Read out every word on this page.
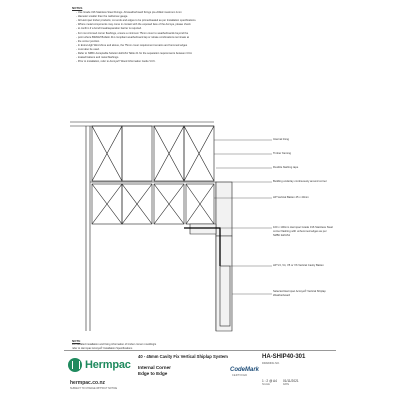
NOTES
- Use Grade 316 Stainless Steel Fixings. All weatherboard fixings pre-drilled maximum 1mm
- diameter smaller than the nail/screw gauge.
- All Hermpac timber products; cut ends and edges to be primed/sealed as per Installation specifications.
- Where metal components may come in contact with the exposed face of the Accoya, please check
- to confirm if a bond break/separation barrier is required.
- For non-trimmed corner flashings, ensure a minimum 75mm cover to weatherboards beyond the
- point where BRANZ Bulletin 411 compliant weatherboard lap or rebate combinations terminate at
- the corner junction.
- In Extra High Wind Zone and above, the 75mm cover requirement remains and hemmed edges
- must also be used.
- Refer to NZBC Acceptable Solution E2/AS1 Table 21 for the separation requirements between CCA
- treated battens and metal flashings.
- Prior to installation, refer to Accoya® Wood Information Guide V3.6.
Internal lining
Timber framing
Flexible flashing tape
Building underlay continuously around corner
HP Vertical Batten 45 x 40mm
100 x 100mm Hermpac Grade 316 Stainless Steel corner flashing with unhemmed edges as per NZBC E2/AS1
HP V3, V4, V5 or V6 Vertical Cavity Batten
Selected Hermpac Accoya® Vertical Shiplap Weatherboard
NOTE
For detailed installation and fixing information of timber corner moulding/s
refer to Hermpac Accoya® Installation Specifications
Hermpac
hermpac.co.nz
SUBJECT TO CHANGE WITHOUT NOTICE
40 - 45mm Cavity Fix Vertical Shiplap System
Internal Corner
Edge to Edge
CodeMark
CERTIFIED
HA-SHIP40-301
DRAWING NO.
1 : 2 @ A4
SCALE
01/11/2021
DATE
